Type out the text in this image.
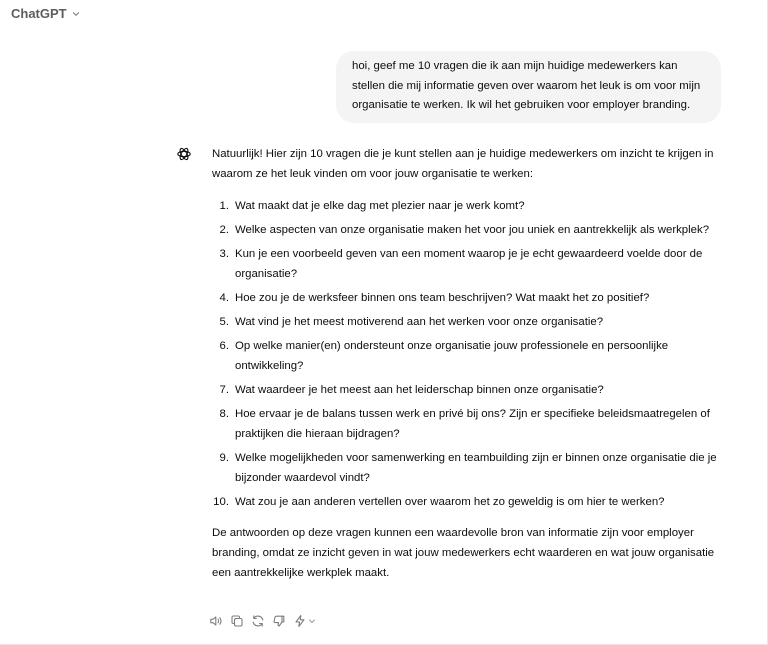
ChatGPT
hoi, geef me 10 vragen die ik aan mijn huidige medewerkers kan stellen die mij informatie geven over waarom het leuk is om voor mijn organisatie te werken. Ik wil het gebruiken voor employer branding.

Natuurlijk! Hier zijn 10 vragen die je kunt stellen aan je huidige medewerkers om inzicht te krijgen in waarom ze het leuk vinden om voor jouw organisatie te werken:

1. Wat maakt dat je elke dag met plezier naar je werk komt?
2. Welke aspecten van onze organisatie maken het voor jou uniek en aantrekkelijk als werkplek?
3. Kun je een voorbeeld geven van een moment waarop je je echt gewaardeerd voelde door de organisatie?
4. Hoe zou je de werksfeer binnen ons team beschrijven? Wat maakt het zo positief?
5. Wat vind je het meest motiverend aan het werken voor onze organisatie?
6. Op welke manier(en) ondersteunt onze organisatie jouw professionele en persoonlijke ontwikkeling?
7. Wat waardeer je het meest aan het leiderschap binnen onze organisatie?
8. Hoe ervaar je de balans tussen werk en privé bij ons? Zijn er specifieke beleidsmaatregelen of praktijken die hieraan bijdragen?
9. Welke mogelijkheden voor samenwerking en teambuilding zijn er binnen onze organisatie die je bijzonder waardevol vindt?
10. Wat zou je aan anderen vertellen over waarom het zo geweldig is om hier te werken?

De antwoorden op deze vragen kunnen een waardevolle bron van informatie zijn voor employer branding, omdat ze inzicht geven in wat jouw medewerkers echt waarderen en wat jouw organisatie een aantrekkelijke werkplek maakt.
